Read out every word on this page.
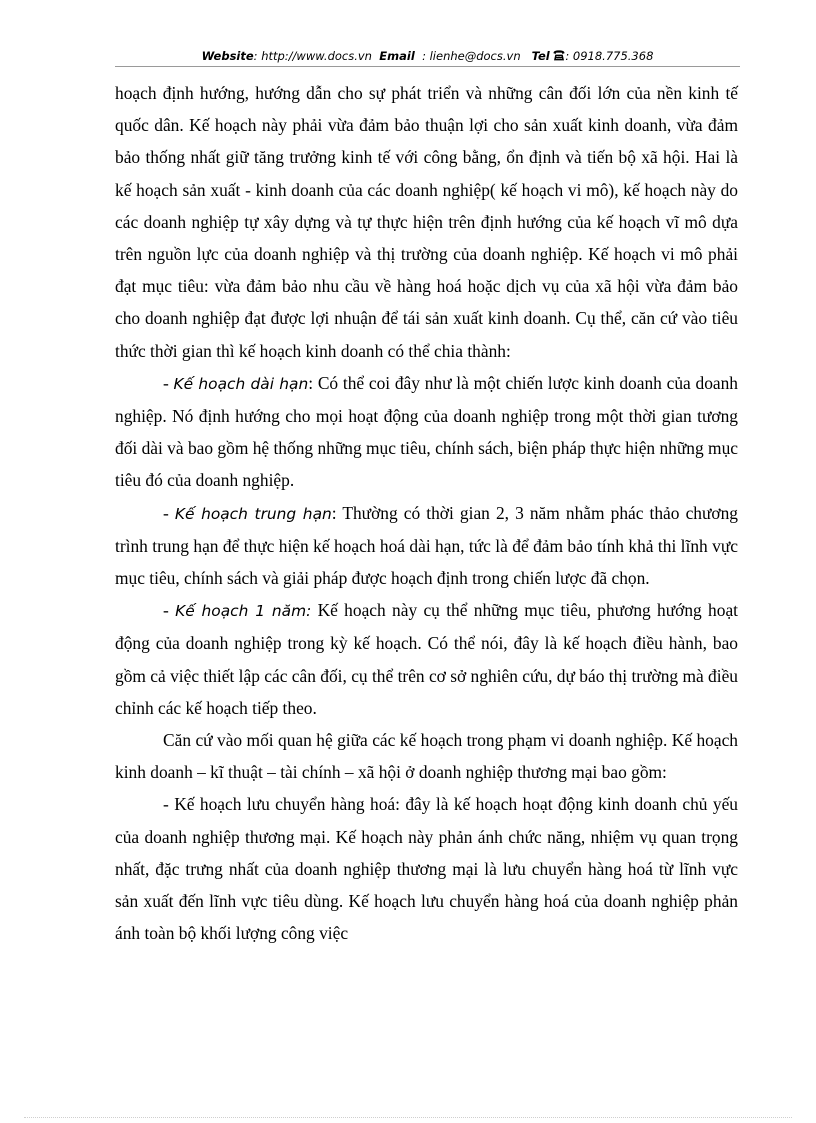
Website: http://www.docs.vn Email : lienhe@docs.vn Tel : 0918.775.368

hoạch định hướng, hướng dẫn cho sự phát triển và những cân đối lớn của nền kinh tế quốc dân. Kế hoạch này phải vừa đảm bảo thuận lợi cho sản xuất kinh doanh, vừa đảm bảo thống nhất giữ tăng trưởng kinh tế với công bằng, ổn định và tiến bộ xã hội. Hai là kế hoạch sản xuất - kinh doanh của các doanh nghiệp( kế hoạch vi mô), kế hoạch này do các doanh nghiệp tự xây dựng và tự thực hiện trên định hướng của kế hoạch vĩ mô dựa trên nguồn lực của doanh nghiệp và thị trường của doanh nghiệp. Kế hoạch vi mô phải đạt mục tiêu: vừa đảm bảo nhu cầu về hàng hoá hoặc dịch vụ của xã hội vừa đảm bảo cho doanh nghiệp đạt được lợi nhuận để tái sản xuất kinh doanh. Cụ thể, căn cứ vào tiêu thức thời gian thì kế hoạch kinh doanh có thể chia thành:

- Kế hoạch dài hạn: Có thể coi đây như là một chiến lược kinh doanh của doanh nghiệp. Nó định hướng cho mọi hoạt động của doanh nghiệp trong một thời gian tương đối dài và bao gồm hệ thống những mục tiêu, chính sách, biện pháp thực hiện những mục tiêu đó của doanh nghiệp.

- Kế hoạch trung hạn: Thường có thời gian 2, 3 năm nhằm phác thảo chương trình trung hạn để thực hiện kế hoạch hoá dài hạn, tức là để đảm bảo tính khả thi lĩnh vực mục tiêu, chính sách và giải pháp được hoạch định trong chiến lược đã chọn.

- Kế hoạch 1 năm: Kế hoạch này cụ thể những mục tiêu, phương hướng hoạt động của doanh nghiệp trong kỳ kế hoạch. Có thể nói, đây là kế hoạch điều hành, bao gồm cả việc thiết lập các cân đối, cụ thể trên cơ sở nghiên cứu, dự báo thị trường mà điều chỉnh các kế hoạch tiếp theo.

Căn cứ vào mối quan hệ giữa các kế hoạch trong phạm vi doanh nghiệp. Kế hoạch kinh doanh – kĩ thuật – tài chính – xã hội ở doanh nghiệp thương mại bao gồm:

- Kế hoạch lưu chuyển hàng hoá: đây là kế hoạch hoạt động kinh doanh chủ yếu của doanh nghiệp thương mại. Kế hoạch này phản ánh chức năng, nhiệm vụ quan trọng nhất, đặc trưng nhất của doanh nghiệp thương mại là lưu chuyển hàng hoá từ lĩnh vực sản xuất đến lĩnh vực tiêu dùng. Kế hoạch lưu chuyển hàng hoá của doanh nghiệp phản ánh toàn bộ khối lượng công việc
